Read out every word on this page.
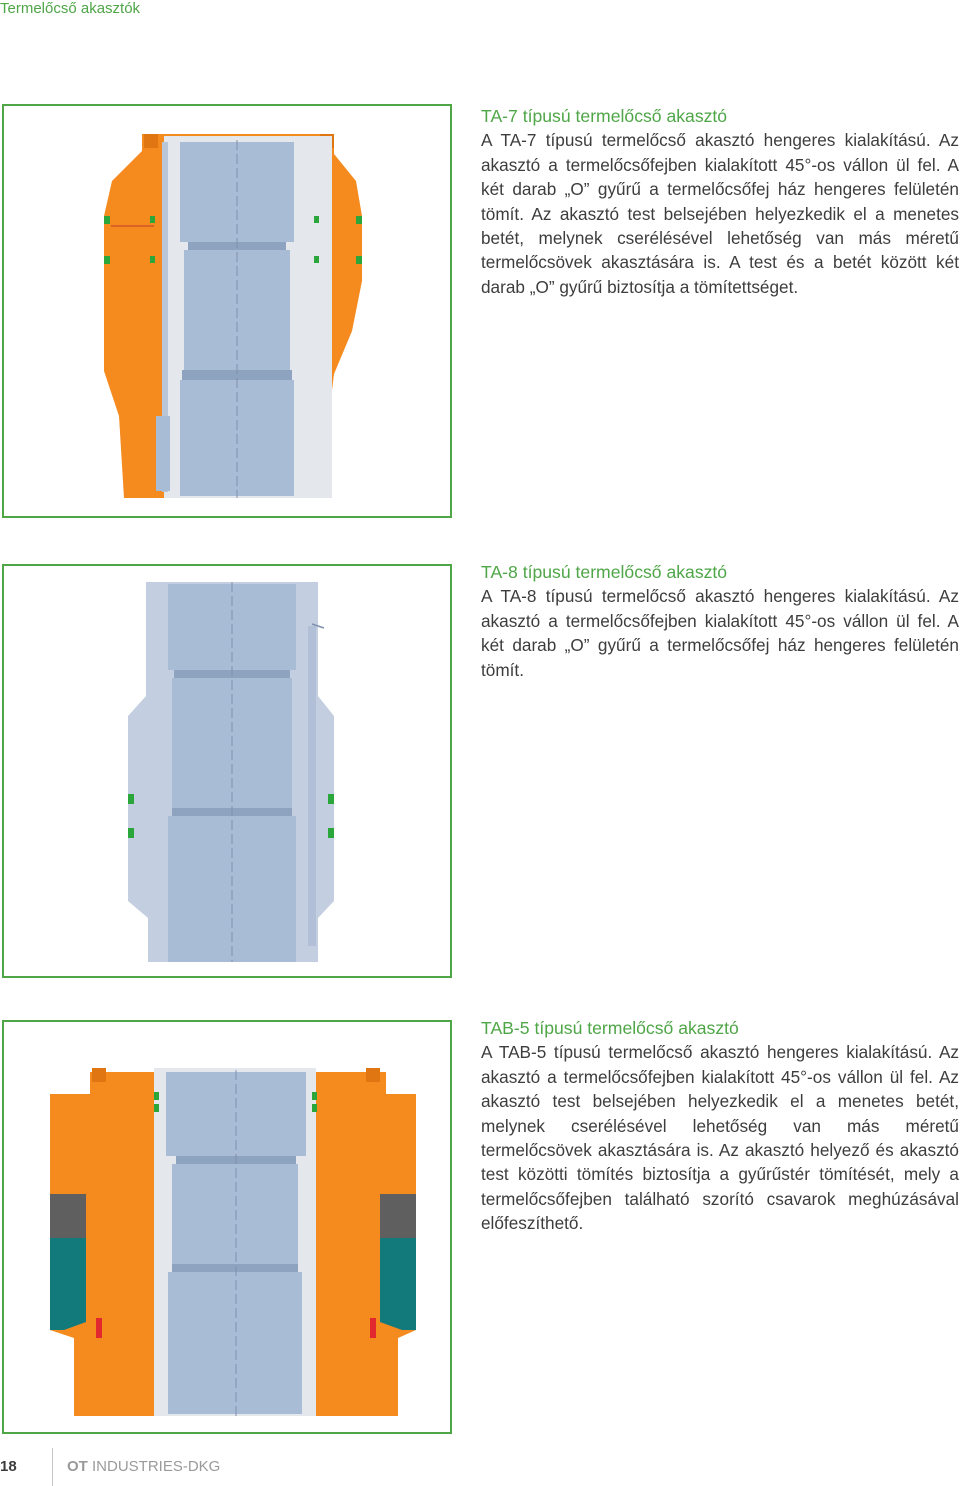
Termelőcső akasztók
TA-7 típusú termelőcső akasztó

A TA-7 típusú termelőcső akasztó hengeres kialakítású. Az akasztó a termelőcsőfejben kialakított 45°-os vállon ül fel. A két darab „O” gyűrű a termelőcsőfej ház hengeres felületén tömít. Az akasztó test belsejében helyezkedik el a menetes betét, melynek cserélésével lehetőség van más méretű termelőcsövek akasztására is. A test és a betét között két darab „O” gyűrű biztosítja a tömítettséget.

TA-8 típusú termelőcső akasztó

A TA-8 típusú termelőcső akasztó hengeres kialakítású. Az akasztó a termelőcsőfejben kialakított 45°-os vállon ül fel. A két darab „O” gyűrű a termelőcsőfej ház hengeres felületén tömít.

TAB-5 típusú termelőcső akasztó

A TAB-5 típusú termelőcső akasztó hengeres kialakítású. Az akasztó a termelőcsőfejben kialakított 45°-os vállon ül fel. Az akasztó test belsejében helyezkedik el a menetes betét, melynek cserélésével lehetőség van más méretű termelőcsövek akasztására is. Az akasztó helyező és akasztó test közötti tömítés biztosítja a gyűrűstér tömítését, mely a termelőcsőfejben található szorító csavarok meghúzásával előfeszíthető.

18	OT INDUSTRIES-DKG
